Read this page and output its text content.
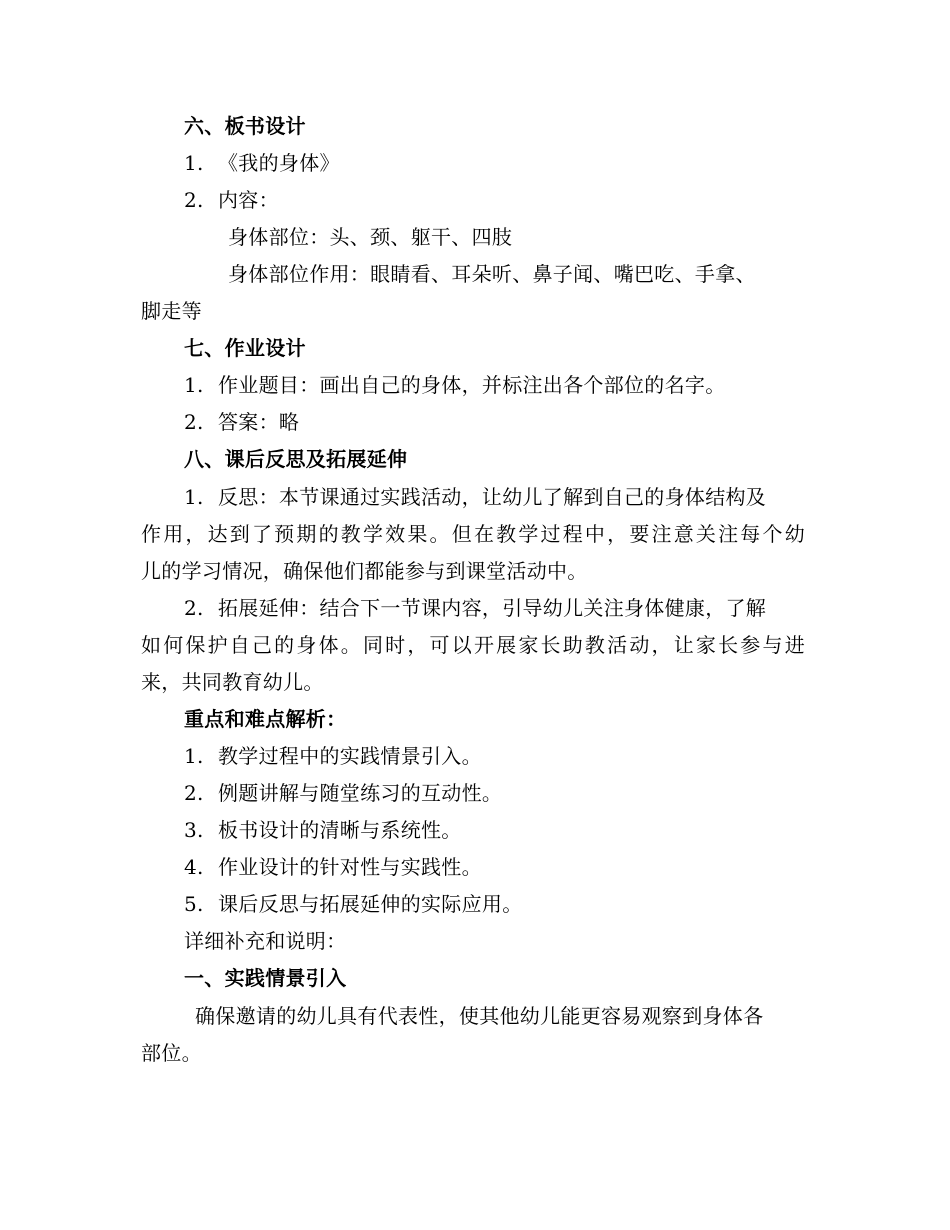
六、板书设计
1. 《我的身体》
2. 内容：
身体部位：头、颈、躯干、四肢
身体部位作用：眼睛看、耳朵听、鼻子闻、嘴巴吃、手拿、
脚走等
七、作业设计
1. 作业题目：画出自己的身体，并标注出各个部位的名字。
2. 答案：略
八、课后反思及拓展延伸
1. 反思：本节课通过实践活动，让幼儿了解到自己的身体结构及
作用，达到了预期的教学效果。但在教学过程中，要注意关注每个幼
儿的学习情况，确保他们都能参与到课堂活动中。
2. 拓展延伸：结合下一节课内容，引导幼儿关注身体健康，了解
如何保护自己的身体。同时，可以开展家长助教活动，让家长参与进
来，共同教育幼儿。
重点和难点解析：
1. 教学过程中的实践情景引入。
2. 例题讲解与随堂练习的互动性。
3. 板书设计的清晰与系统性。
4. 作业设计的针对性与实践性。
5. 课后反思与拓展延伸的实际应用。
详细补充和说明：
一、实践情景引入
确保邀请的幼儿具有代表性，使其他幼儿能更容易观察到身体各
部位。
